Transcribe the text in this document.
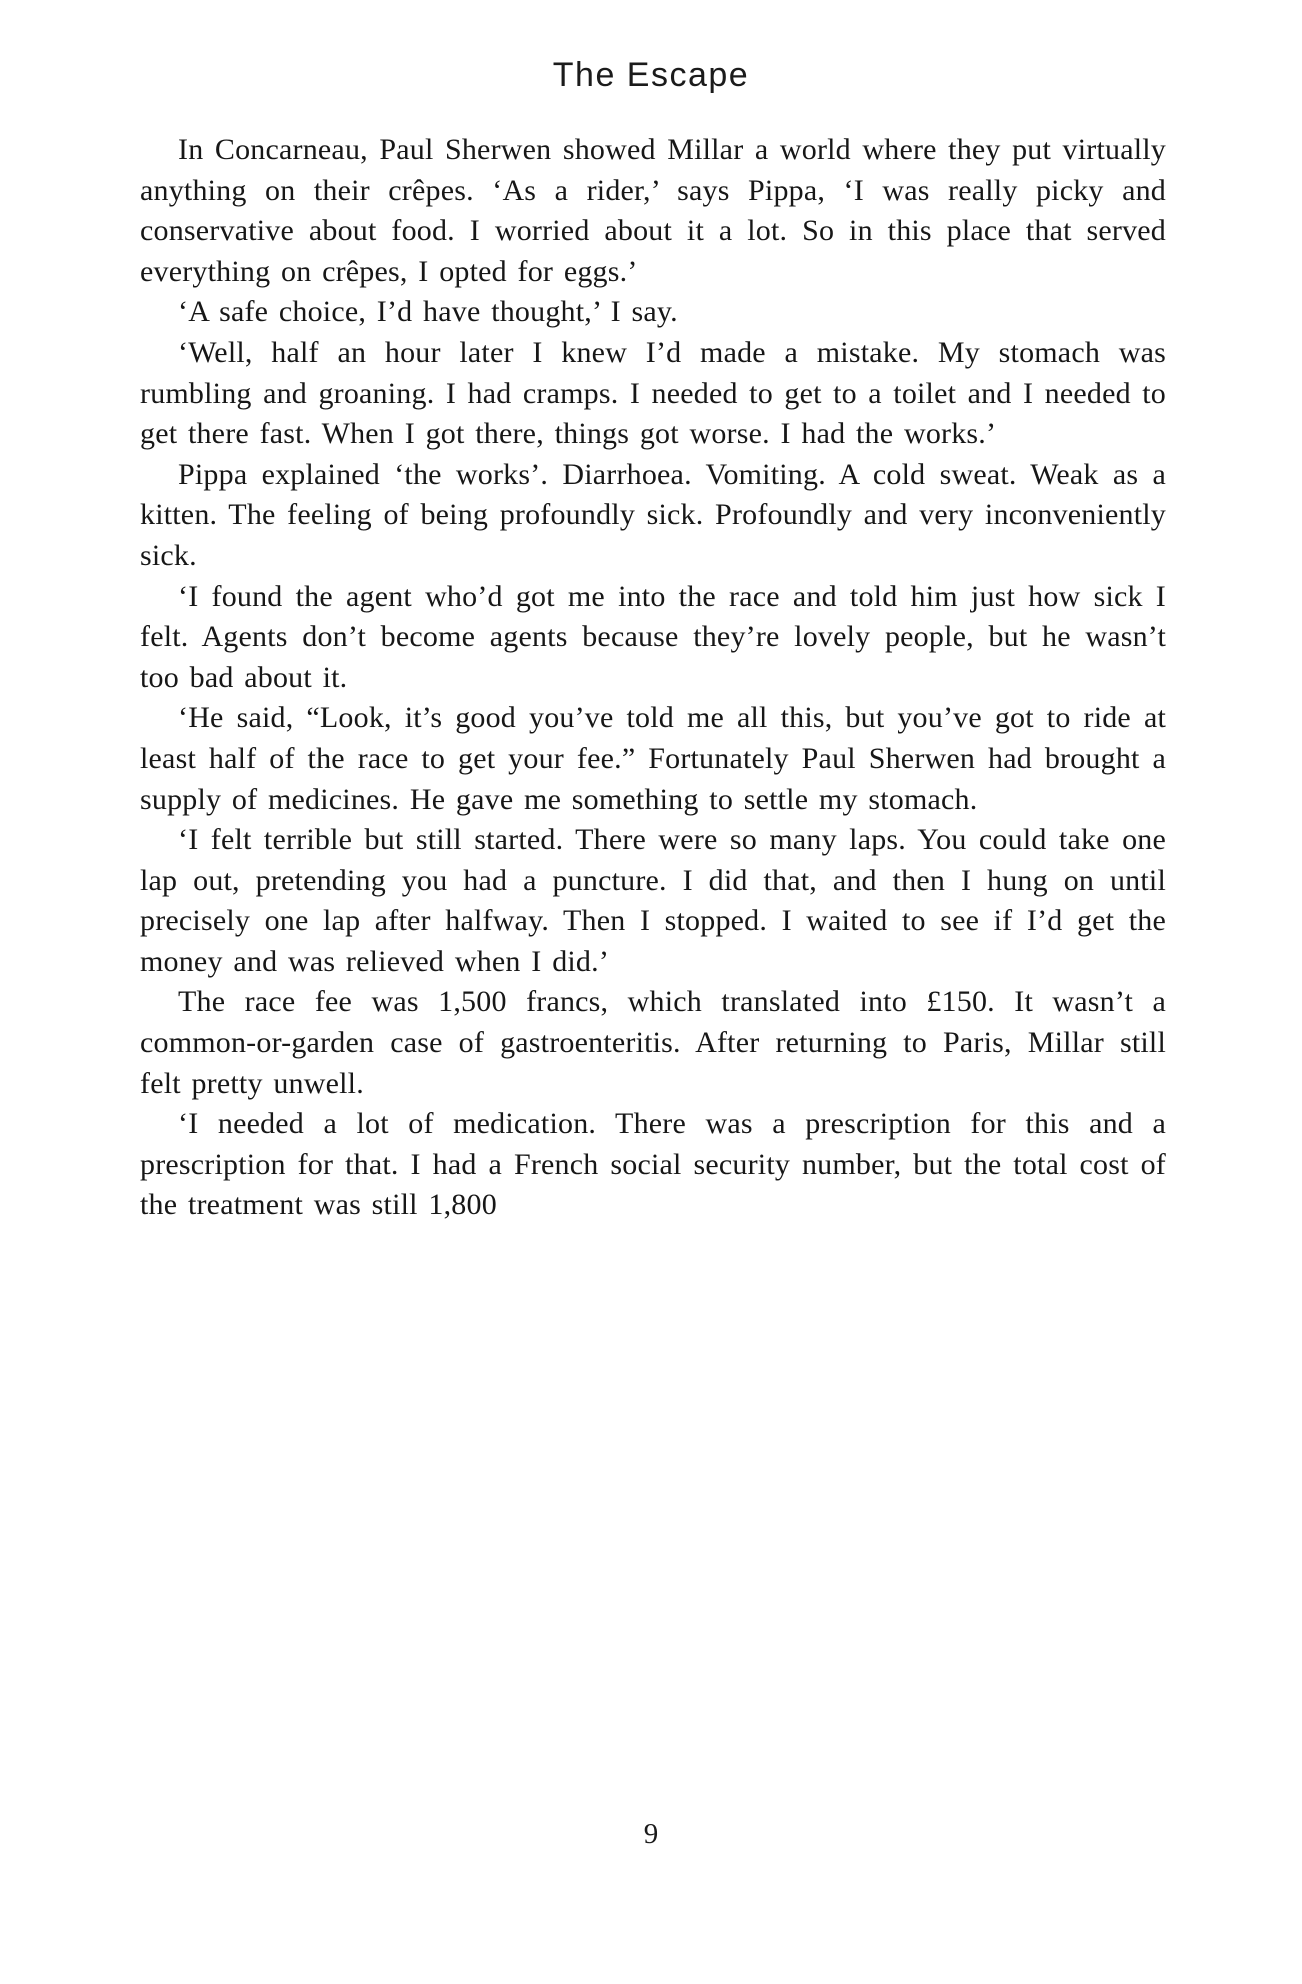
The Escape

In Concarneau, Paul Sherwen showed Millar a world where they put virtually anything on their crêpes. ‘As a rider,’ says Pippa, ‘I was really picky and conservative about food. I worried about it a lot. So in this place that served everything on crêpes, I opted for eggs.’

‘A safe choice, I’d have thought,’ I say.

‘Well, half an hour later I knew I’d made a mistake. My stomach was rumbling and groaning. I had cramps. I needed to get to a toilet and I needed to get there fast. When I got there, things got worse. I had the works.’

Pippa explained ‘the works’. Diarrhoea. Vomiting. A cold sweat. Weak as a kitten. The feeling of being profoundly sick. Profoundly and very inconveniently sick.

‘I found the agent who’d got me into the race and told him just how sick I felt. Agents don’t become agents because they’re lovely people, but he wasn’t too bad about it.

‘He said, “Look, it’s good you’ve told me all this, but you’ve got to ride at least half of the race to get your fee.” Fortunately Paul Sherwen had brought a supply of medicines. He gave me something to settle my stomach.

‘I felt terrible but still started. There were so many laps. You could take one lap out, pretending you had a puncture. I did that, and then I hung on until precisely one lap after halfway. Then I stopped. I waited to see if I’d get the money and was relieved when I did.’

The race fee was 1,500 francs, which translated into £150. It wasn’t a common-or-garden case of gastroenteritis. After returning to Paris, Millar still felt pretty unwell.

‘I needed a lot of medication. There was a prescription for this and a prescription for that. I had a French social security number, but the total cost of the treatment was still 1,800

9
